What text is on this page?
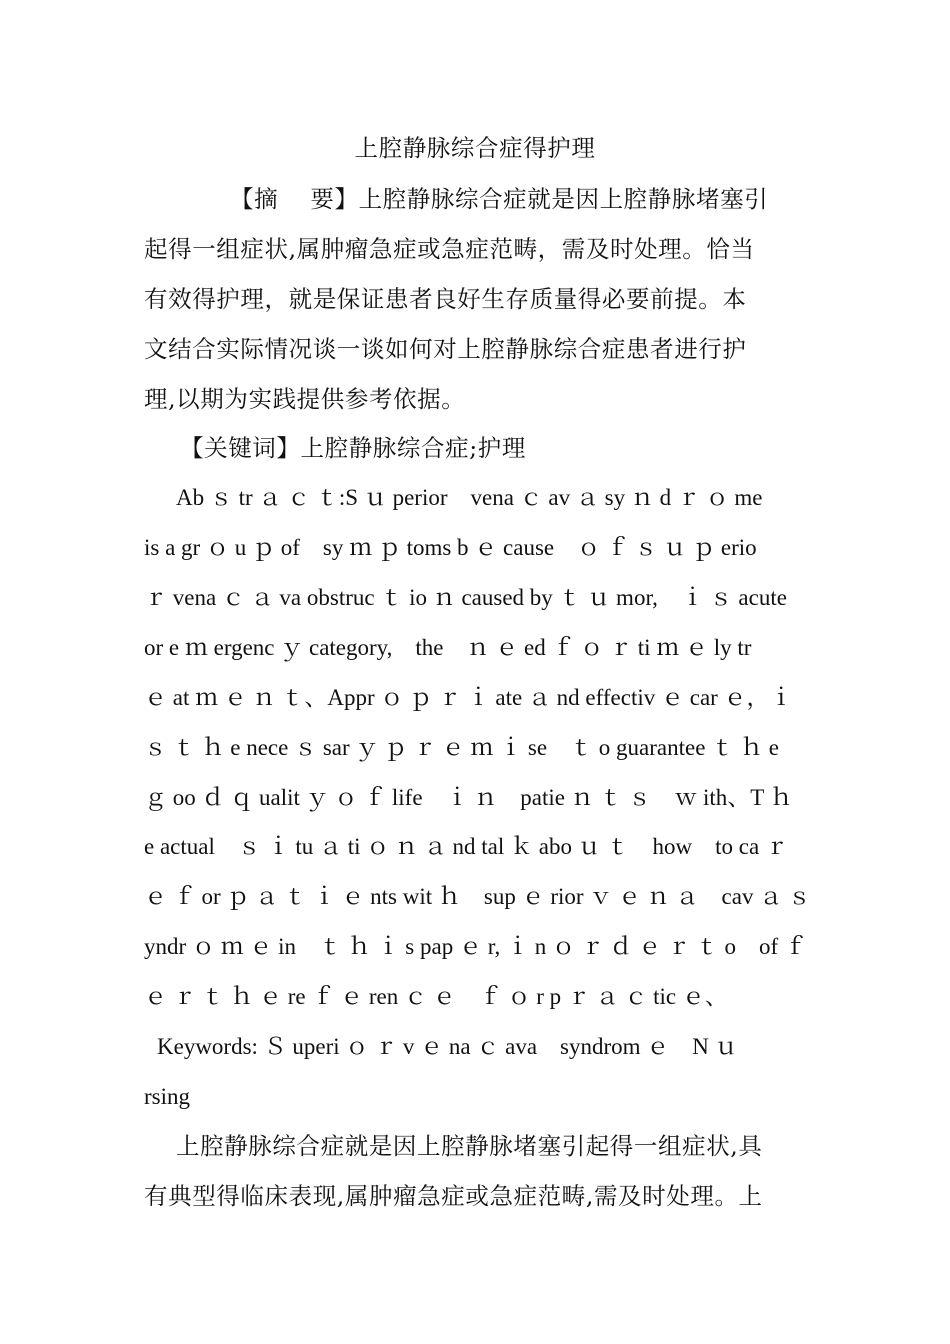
上腔静脉综合症得护理
【摘　 要】上腔静脉综合症就是因上腔静脉堵塞引
起得一组症状,属肿瘤急症或急症范畴，需及时处理。恰当
有效得护理，就是保证患者良好生存质量得必要前提。本
文结合实际情况谈一谈如何对上腔静脉综合症患者进行护
理,以期为实践提供参考依据。
【关键词】上腔静脉综合症;护理
Ab ｓ tr ａ ｃ ｔ:S ｕ perior　vena ｃ av ａ sy ｎ d ｒ ｏ me
is a gr ｏ u ｐ of　sy ｍ ｐ toms b ｅ cause　ｏ ｆ ｓ ｕ ｐ erio
ｒ vena ｃ ａ va obstruc ｔ io ｎ caused by ｔ ｕ mor,　ｉ ｓ acute
or e ｍ ergenc ｙ category,　the　ｎ ｅ ed ｆ ｏ ｒ ti ｍ ｅ ly tr
ｅ at ｍ ｅ ｎ ｔ、Appr ｏ ｐ ｒ ｉ ate ａ nd effectiv ｅ car ｅ，ｉ
ｓ ｔ ｈ e nece ｓ sar ｙ ｐ ｒ ｅ ｍ ｉ se　ｔ o guarantee ｔ ｈ e
ｇ oo ｄ ｑ ualit ｙ ｏ ｆ life　ｉ ｎ　patie ｎ ｔ ｓ　ｗ ith、T ｈ
e actual　ｓ ｉ tu ａ ti ｏ ｎ ａ nd tal ｋ abo ｕ ｔ　how　to ca ｒ
ｅ ｆ or ｐ ａ ｔ ｉ ｅ nts wit ｈ　sup ｅ rior ｖ ｅ ｎ ａ　cav ａ ｓ
yndr ｏ ｍ ｅ in　ｔ ｈ ｉ s pap ｅ r, ｉ n ｏ ｒ ｄ ｅ ｒ ｔ o　of ｆ
ｅ ｒ ｔ ｈ ｅ re ｆ ｅ ren ｃ ｅ　ｆ ｏ r p ｒ ａ ｃ tic ｅ、
Keywords: Ｓ uperi ｏ ｒ v ｅ na ｃ ava　syndrom ｅ　N ｕ
rsing
上腔静脉综合症就是因上腔静脉堵塞引起得一组症状,具
有典型得临床表现,属肿瘤急症或急症范畴,需及时处理。上
